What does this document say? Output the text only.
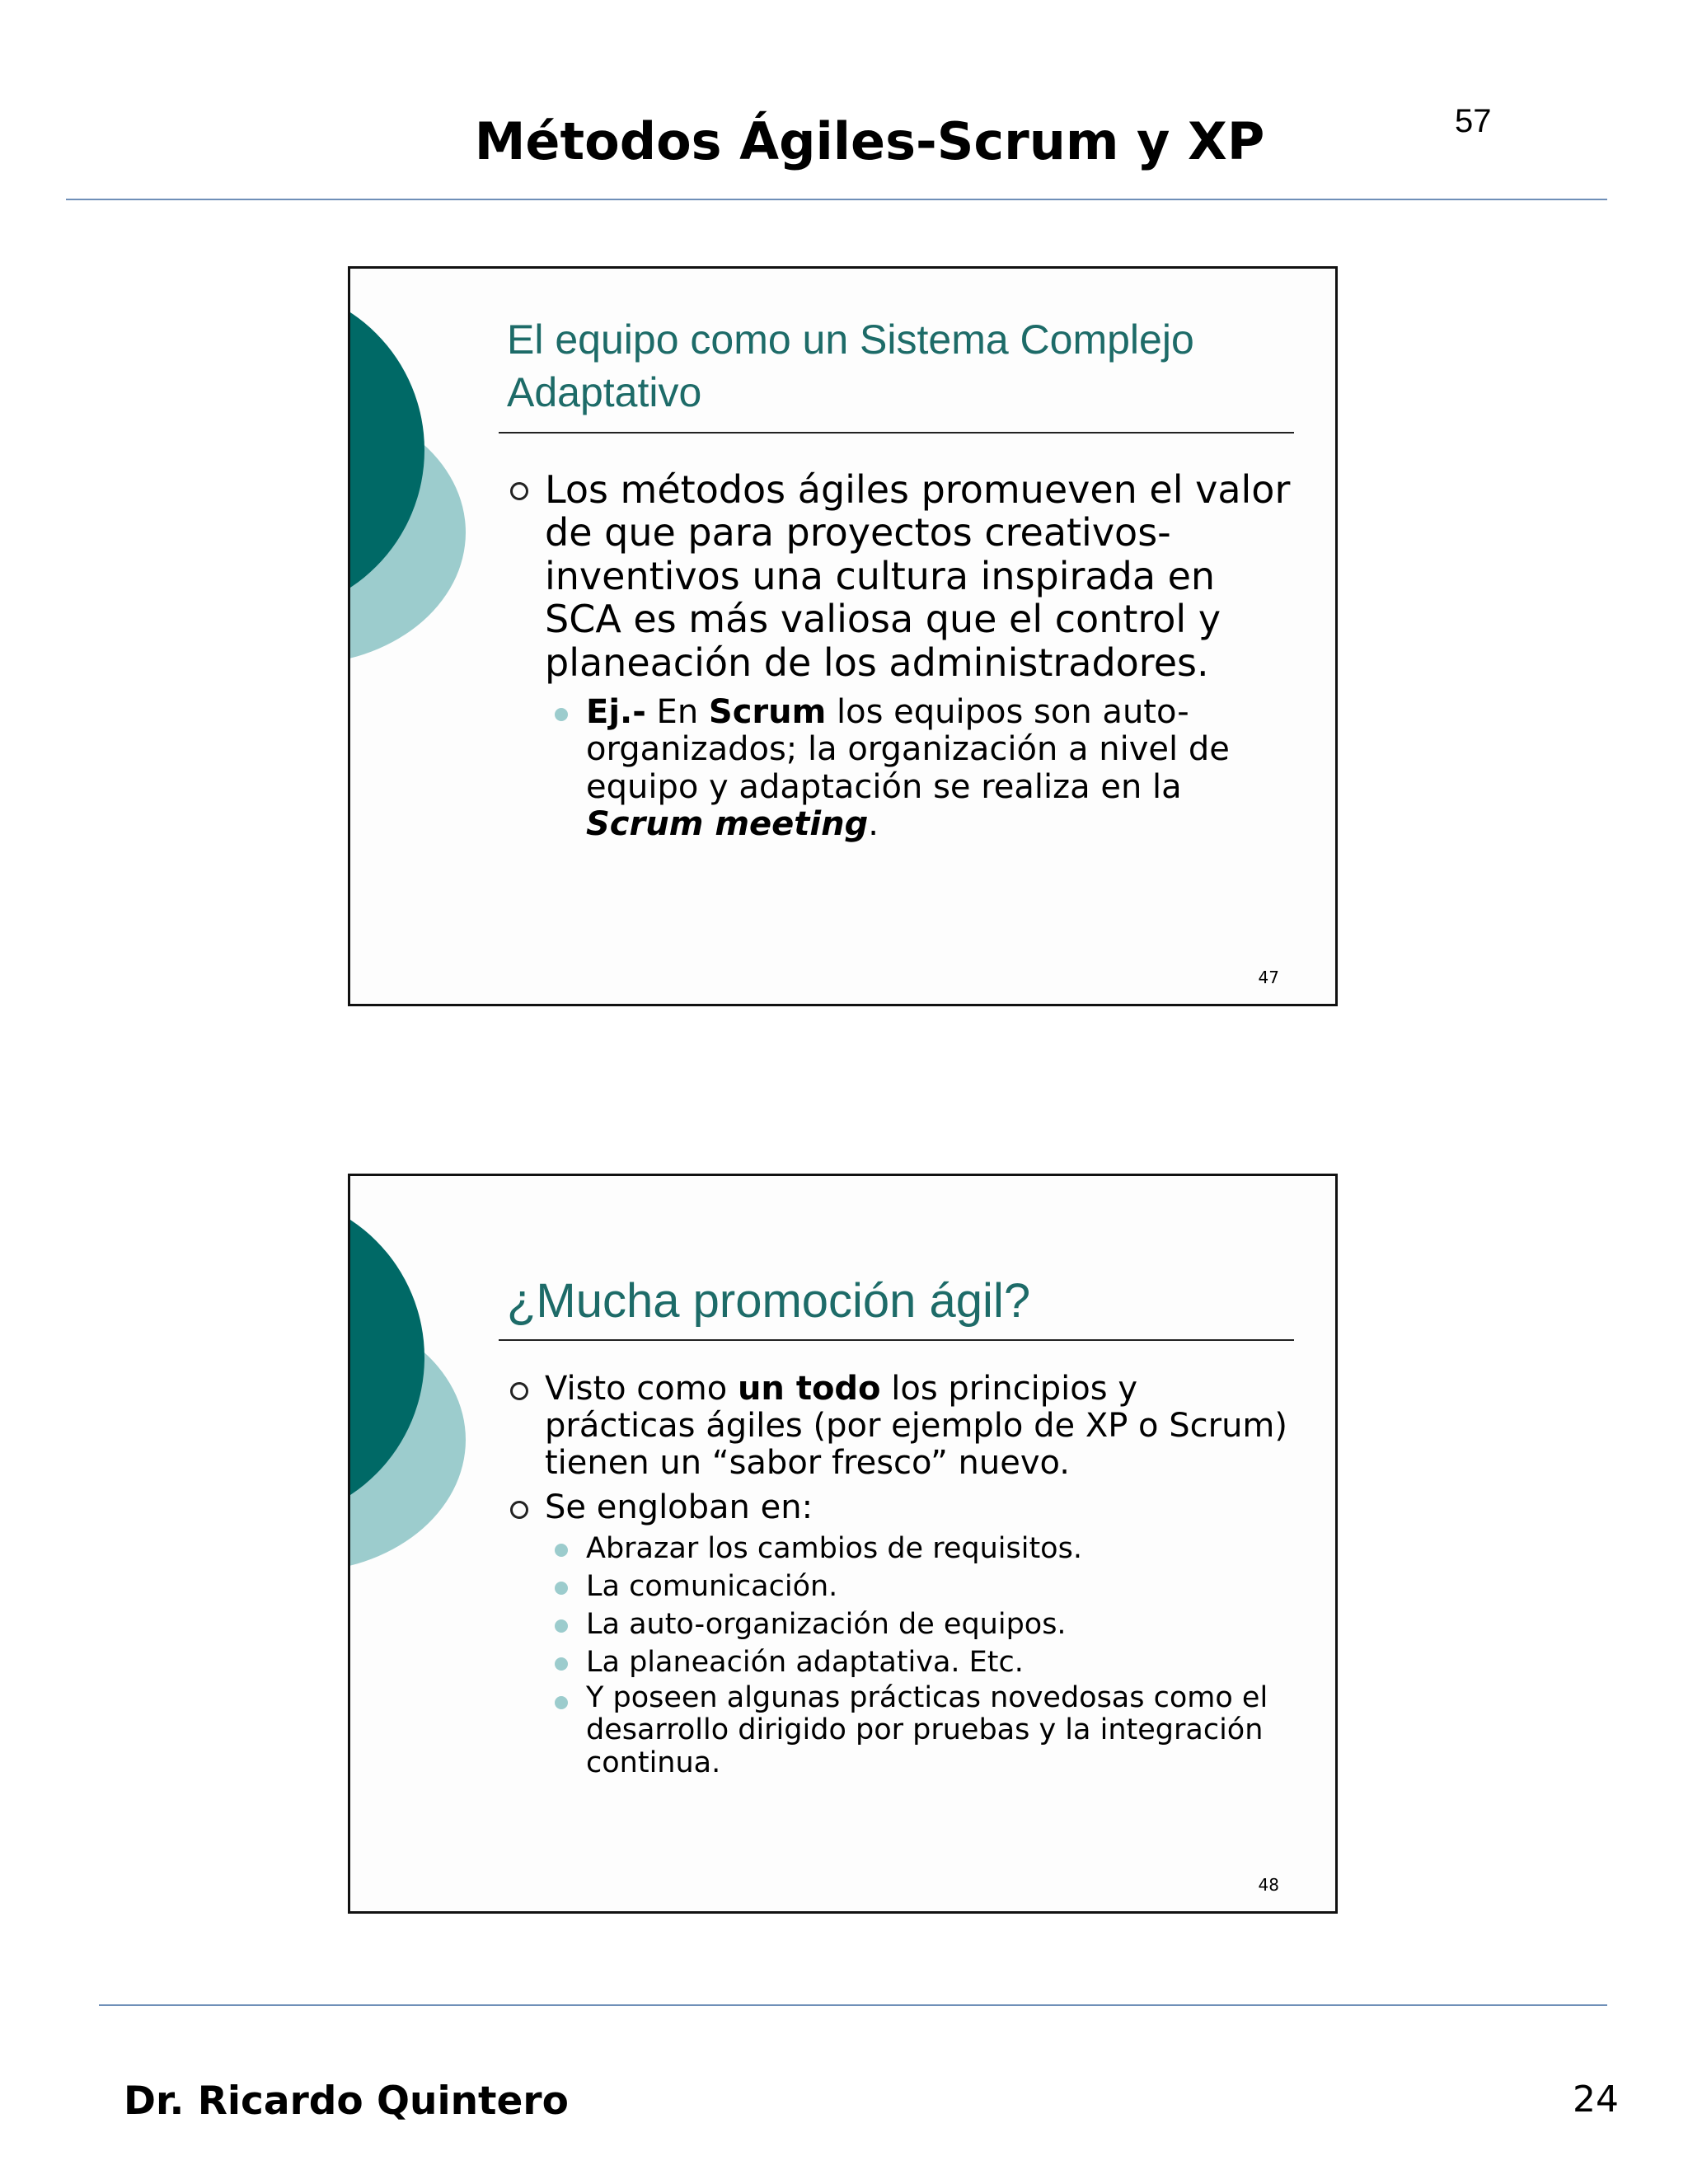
Métodos Ágiles-Scrum y XP	57
El equipo como un Sistema Complejo Adaptativo
Los métodos ágiles promueven el valor de que para proyectos creativos-inventivos una cultura inspirada en SCA es más valiosa que el control y planeación de los administradores.
Ej.- En Scrum los equipos son auto-organizados; la organización a nivel de equipo y adaptación se realiza en la Scrum meeting.
47
¿Mucha promoción ágil?
Visto como un todo los principios y prácticas ágiles (por ejemplo de XP o Scrum) tienen un “sabor fresco” nuevo.
Se engloban en:
Abrazar los cambios de requisitos.
La comunicación.
La auto-organización de equipos.
La planeación adaptativa. Etc.
Y poseen algunas prácticas novedosas como el desarrollo dirigido por pruebas y la integración continua.
48
Dr. Ricardo Quintero	24
